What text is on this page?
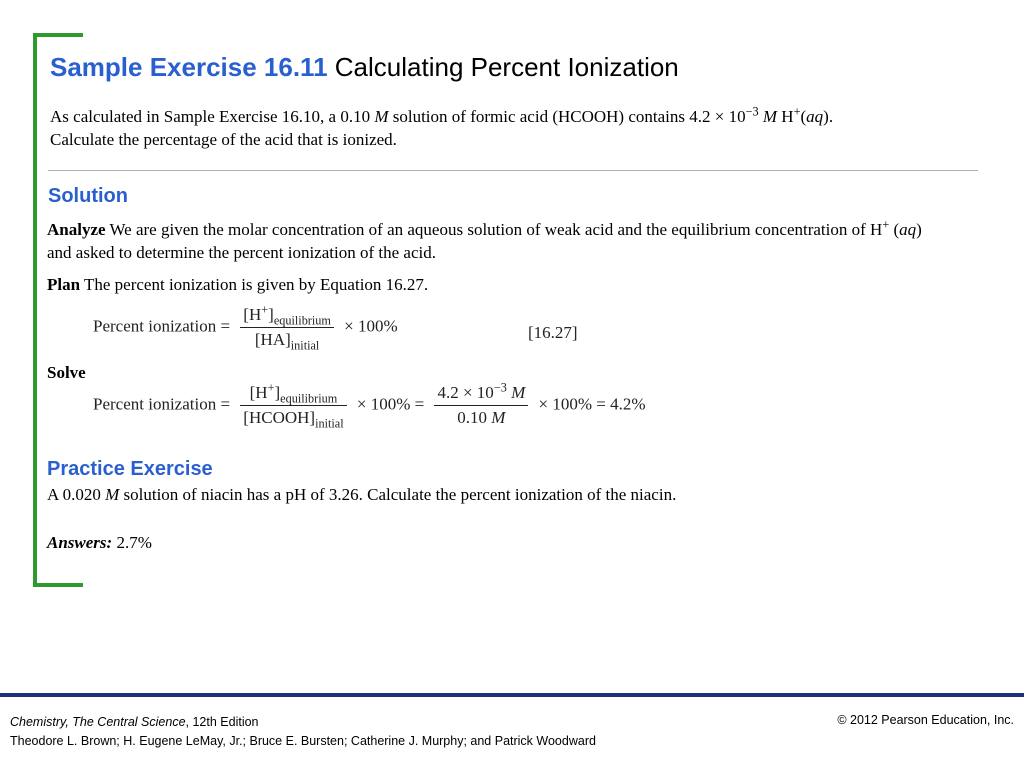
Sample Exercise 16.11 Calculating Percent Ionization
As calculated in Sample Exercise 16.10, a 0.10 M solution of formic acid (HCOOH) contains $4.2 \times 10^{-3}$ M H+(aq).
Calculate the percentage of the acid that is ionized.
Solution
Analyze We are given the molar concentration of an aqueous solution of weak acid and the equilibrium concentration of H+ (aq) and asked to determine the percent ionization of the acid.
Plan The percent ionization is given by Equation 16.27.
Percent ionization = $\frac{[H^+]_{equilibrium}}{[HA]_{initial}} \times 100\%$	[16.27]
Solve
Percent ionization = $\frac{[H^+]_{equilibrium}}{[HCOOH]_{initial}} \times 100\% = \frac{4.2 \times 10^{-3} M}{0.10 M} \times 100\% = 4.2\%$
Practice Exercise
A 0.020 M solution of niacin has a pH of 3.26. Calculate the percent ionization of the niacin.
Answers: 2.7%
Chemistry, The Central Science, 12th Edition
Theodore L. Brown; H. Eugene LeMay, Jr.; Bruce E. Bursten; Catherine J. Murphy; and Patrick Woodward
© 2012 Pearson Education, Inc.
